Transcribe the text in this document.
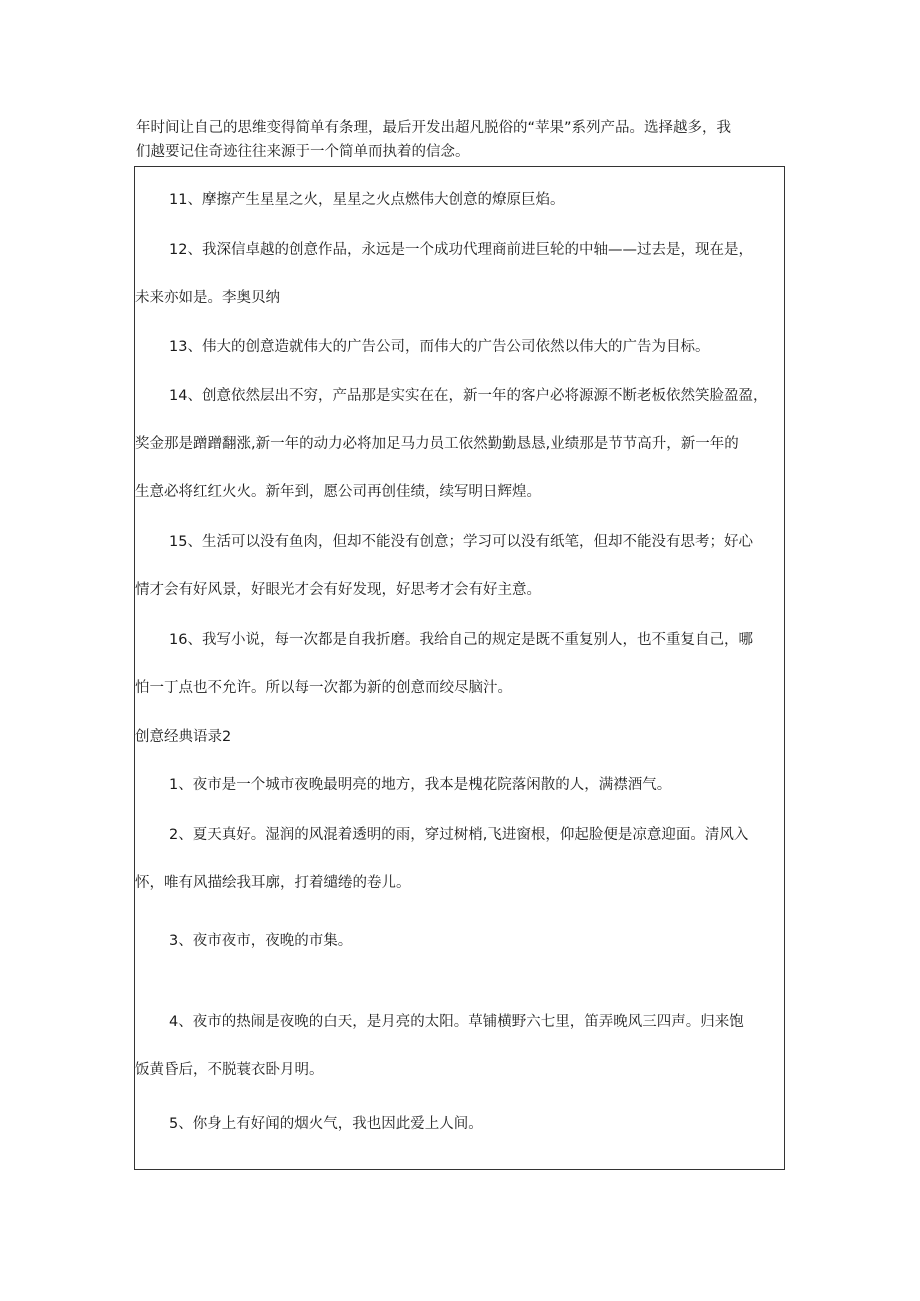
年时间让自己的思维变得简单有条理，最后开发出超凡脱俗的“苹果”系列产品。选择越多，我
们越要记住奇迹往往来源于一个简单而执着的信念。
11、摩擦产生星星之火，星星之火点燃伟大创意的燎原巨焰。
12、我深信卓越的创意作品，永远是一个成功代理商前进巨轮的中轴——过去是，现在是，
未来亦如是。李奥贝纳
13、伟大的创意造就伟大的广告公司，而伟大的广告公司依然以伟大的广告为目标。
14、创意依然层出不穷，产品那是实实在在，新一年的客户必将源源不断老板依然笑脸盈盈，
奖金那是蹭蹭翻涨,新一年的动力必将加足马力员工依然勤勤恳恳,业绩那是节节高升，新一年的
生意必将红红火火。新年到，愿公司再创佳绩，续写明日辉煌。
15、生活可以没有鱼肉，但却不能没有创意；学习可以没有纸笔，但却不能没有思考；好心
情才会有好风景，好眼光才会有好发现，好思考才会有好主意。
16、我写小说，每一次都是自我折磨。我给自己的规定是既不重复别人，也不重复自己，哪
怕一丁点也不允许。所以每一次都为新的创意而绞尽脑汁。
创意经典语录2
1、夜市是一个城市夜晚最明亮的地方，我本是槐花院落闲散的人，满襟酒气。
2、夏天真好。湿润的风混着透明的雨，穿过树梢,飞进窗根，仰起脸便是凉意迎面。清风入
怀，唯有风描绘我耳廓，打着缱绻的卷儿。
3、夜市夜市，夜晚的市集。
4、夜市的热闹是夜晚的白天，是月亮的太阳。草铺横野六七里，笛弄晚风三四声。归来饱
饭黄昏后，不脱蓑衣卧月明。
5、你身上有好闻的烟火气，我也因此爱上人间。
